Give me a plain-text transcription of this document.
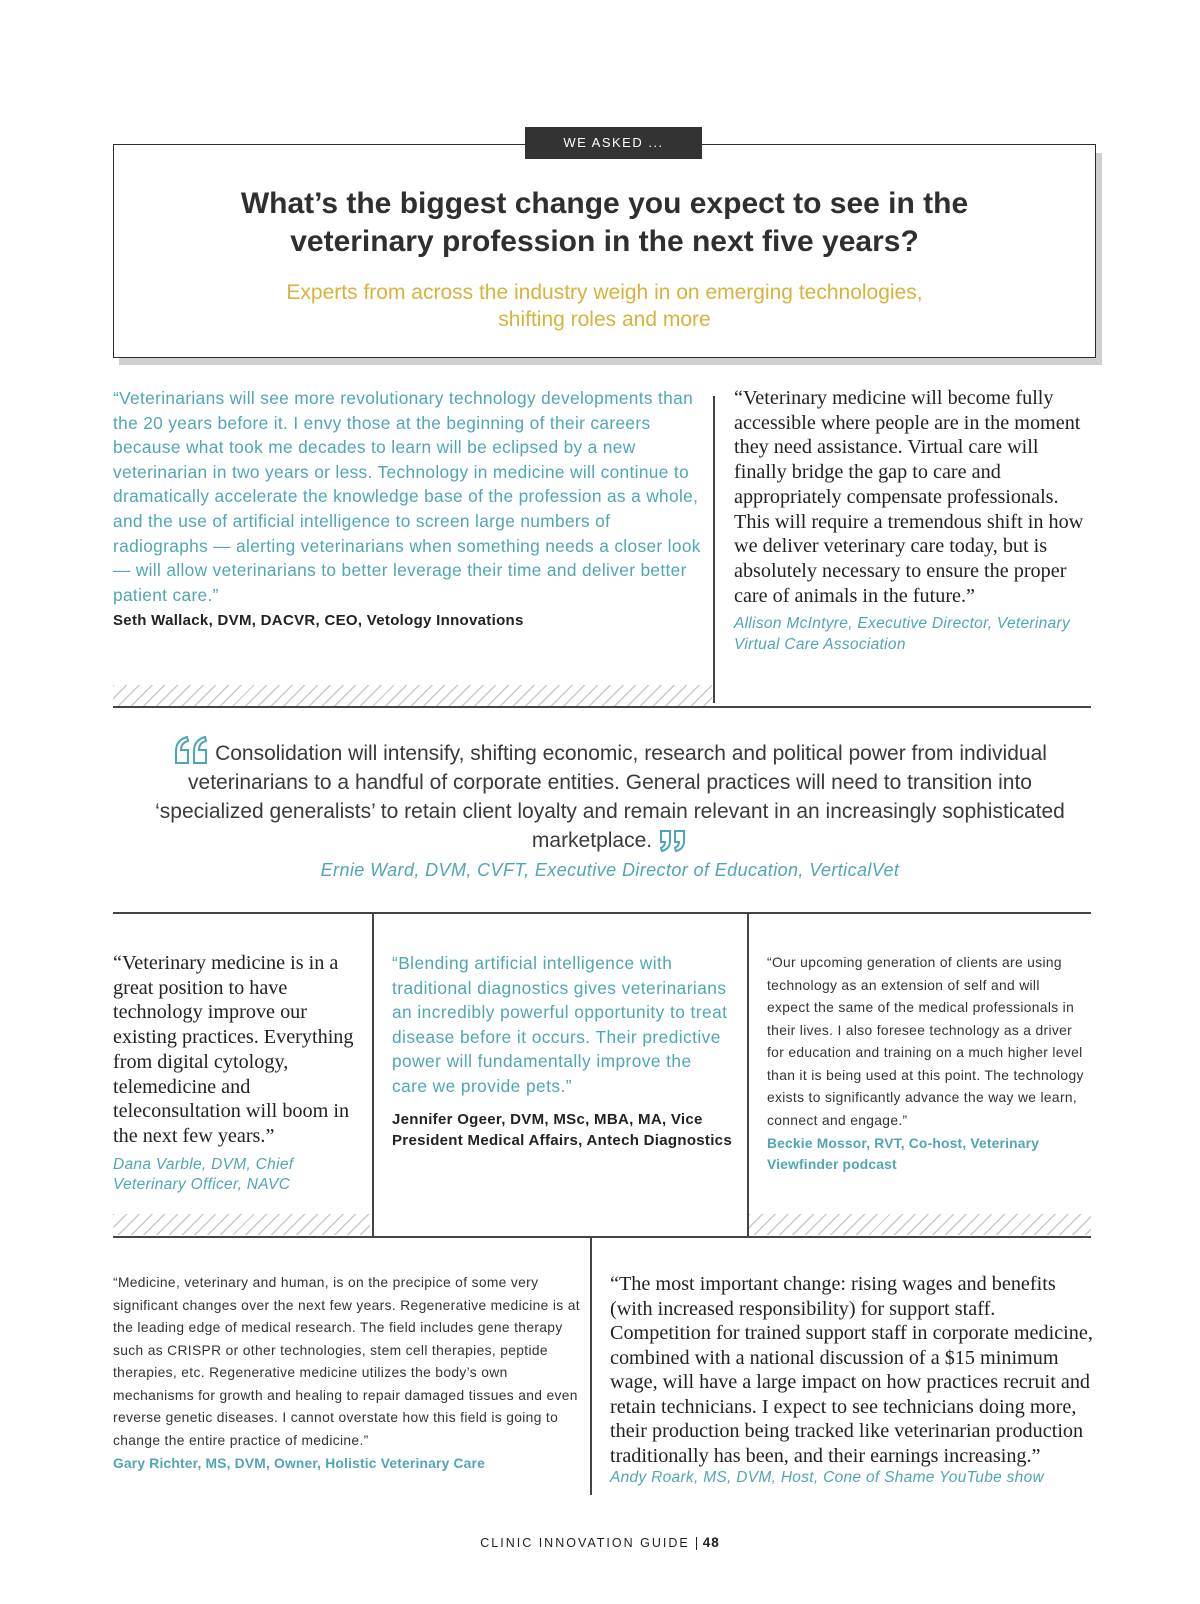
What’s the biggest change you expect to see in the veterinary profession in the next five years?

Experts from across the industry weigh in on emerging technologies, shifting roles and more

WE ASKED ...
“Veterinarians will see more revolutionary technology developments than the 20 years before it. I envy those at the beginning of their careers because what took me decades to learn will be eclipsed by a new veterinarian in two years or less. Technology in medicine will continue to dramatically accelerate the knowledge base of the profession as a whole, and the use of artificial intelligence to screen large numbers of radiographs — alerting veterinarians when something needs a closer look — will allow veterinarians to better leverage their time and deliver better patient care.”
Seth Wallack, DVM, DACVR, CEO, Vetology Innovations
“Veterinary medicine will become fully accessible where people are in the moment they need assistance. Virtual care will finally bridge the gap to care and appropriately compensate professionals. This will require a tremendous shift in how we deliver veterinary care today, but is absolutely necessary to ensure the proper care of animals in the future.”
Allison McIntyre, Executive Director, Veterinary Virtual Care Association
Consolidation will intensify, shifting economic, research and political power from individual veterinarians to a handful of corporate entities. General practices will need to transition into ‘specialized generalists’ to retain client loyalty and remain relevant in an increasingly sophisticated marketplace.
Ernie Ward, DVM, CVFT, Executive Director of Education, VerticalVet
“Veterinary medicine is in a great position to have technology improve our existing practices. Everything from digital cytology, telemedicine and teleconsultation will boom in the next few years.”
Dana Varble, DVM, Chief Veterinary Officer, NAVC
“Blending artificial intelligence with traditional diagnostics gives veterinarians an incredibly powerful opportunity to treat disease before it occurs. Their predictive power will fundamentally improve the care we provide pets.”
Jennifer Ogeer, DVM, MSc, MBA, MA, Vice President Medical Affairs, Antech Diagnostics
“Our upcoming generation of clients are using technology as an extension of self and will expect the same of the medical professionals in their lives. I also foresee technology as a driver for education and training on a much higher level than it is being used at this point. The technology exists to significantly advance the way we learn, connect and engage.”
Beckie Mossor, RVT, Co-host, Veterinary Viewfinder podcast
“Medicine, veterinary and human, is on the precipice of some very significant changes over the next few years. Regenerative medicine is at the leading edge of medical research. The field includes gene therapy such as CRISPR or other technologies, stem cell therapies, peptide therapies, etc. Regenerative medicine utilizes the body’s own mechanisms for growth and healing to repair damaged tissues and even reverse genetic diseases. I cannot overstate how this field is going to change the entire practice of medicine.”
Gary Richter, MS, DVM, Owner, Holistic Veterinary Care
“The most important change: rising wages and benefits (with increased responsibility) for support staff. Competition for trained support staff in corporate medicine, combined with a national discussion of a $15 minimum wage, will have a large impact on how practices recruit and retain technicians. I expect to see technicians doing more, their production being tracked like veterinarian production traditionally has been, and their earnings increasing.”
Andy Roark, MS, DVM, Host, Cone of Shame YouTube show
CLINIC INNOVATION GUIDE 48
